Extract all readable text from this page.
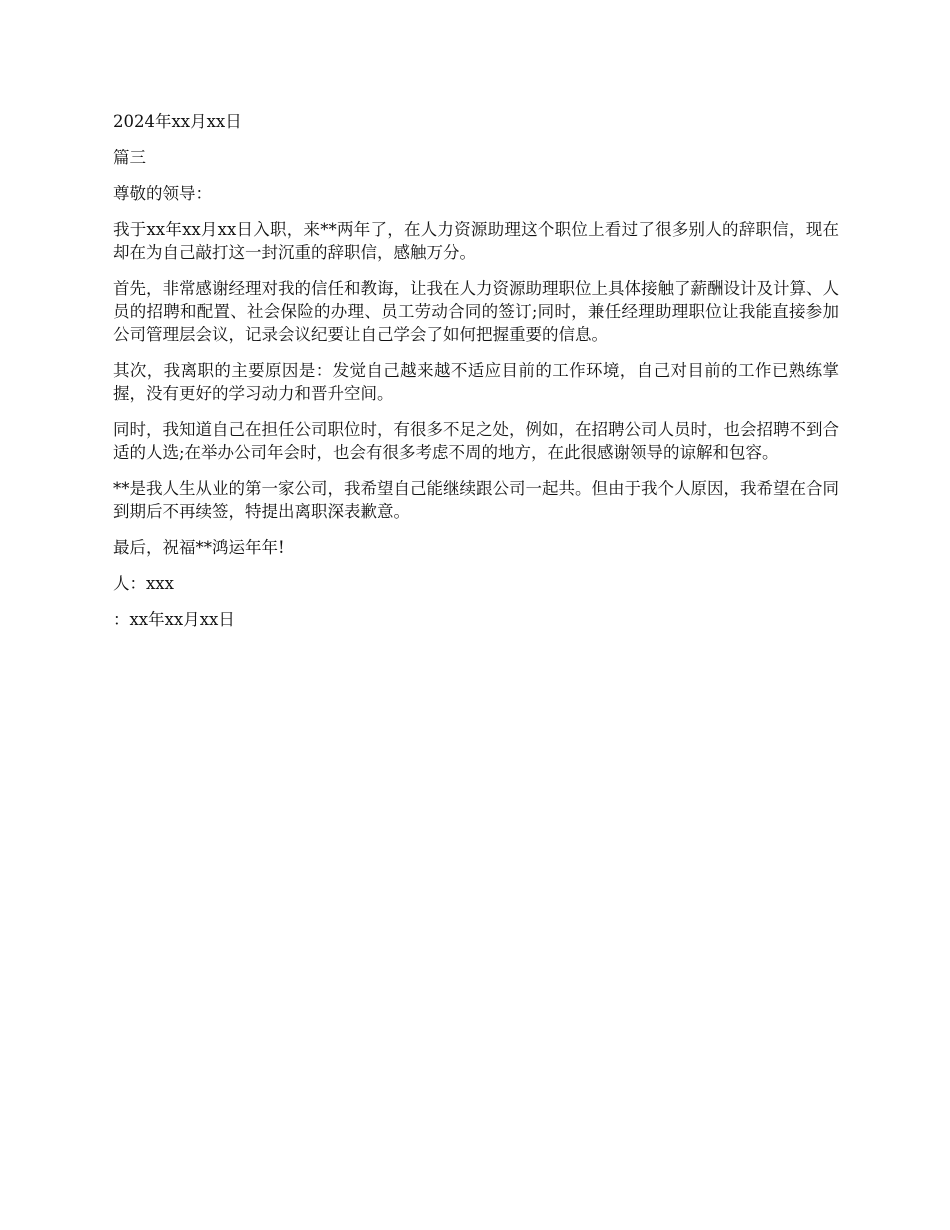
2024年xx月xx日

篇三

尊敬的领导：

我于xx年xx月xx日入职，来**两年了，在人力资源助理这个职位上看过了很多别人的辞职信，现在却在为自己敲打这一封沉重的辞职信，感触万分。

首先，非常感谢经理对我的信任和教诲，让我在人力资源助理职位上具体接触了薪酬设计及计算、人员的招聘和配置、社会保险的办理、员工劳动合同的签订;同时，兼任经理助理职位让我能直接参加公司管理层会议，记录会议纪要让自己学会了如何把握重要的信息。

其次，我离职的主要原因是：发觉自己越来越不适应目前的工作环境，自己对目前的工作已熟练掌握，没有更好的学习动力和晋升空间。

同时，我知道自己在担任公司职位时，有很多不足之处，例如，在招聘公司人员时，也会招聘不到合适的人选;在举办公司年会时，也会有很多考虑不周的地方，在此很感谢领导的谅解和包容。

**是我人生从业的第一家公司，我希望自己能继续跟公司一起共。但由于我个人原因，我希望在合同到期后不再续签，特提出离职深表歉意。

最后，祝福**鸿运年年!

人：xxx

：xx年xx月xx日
